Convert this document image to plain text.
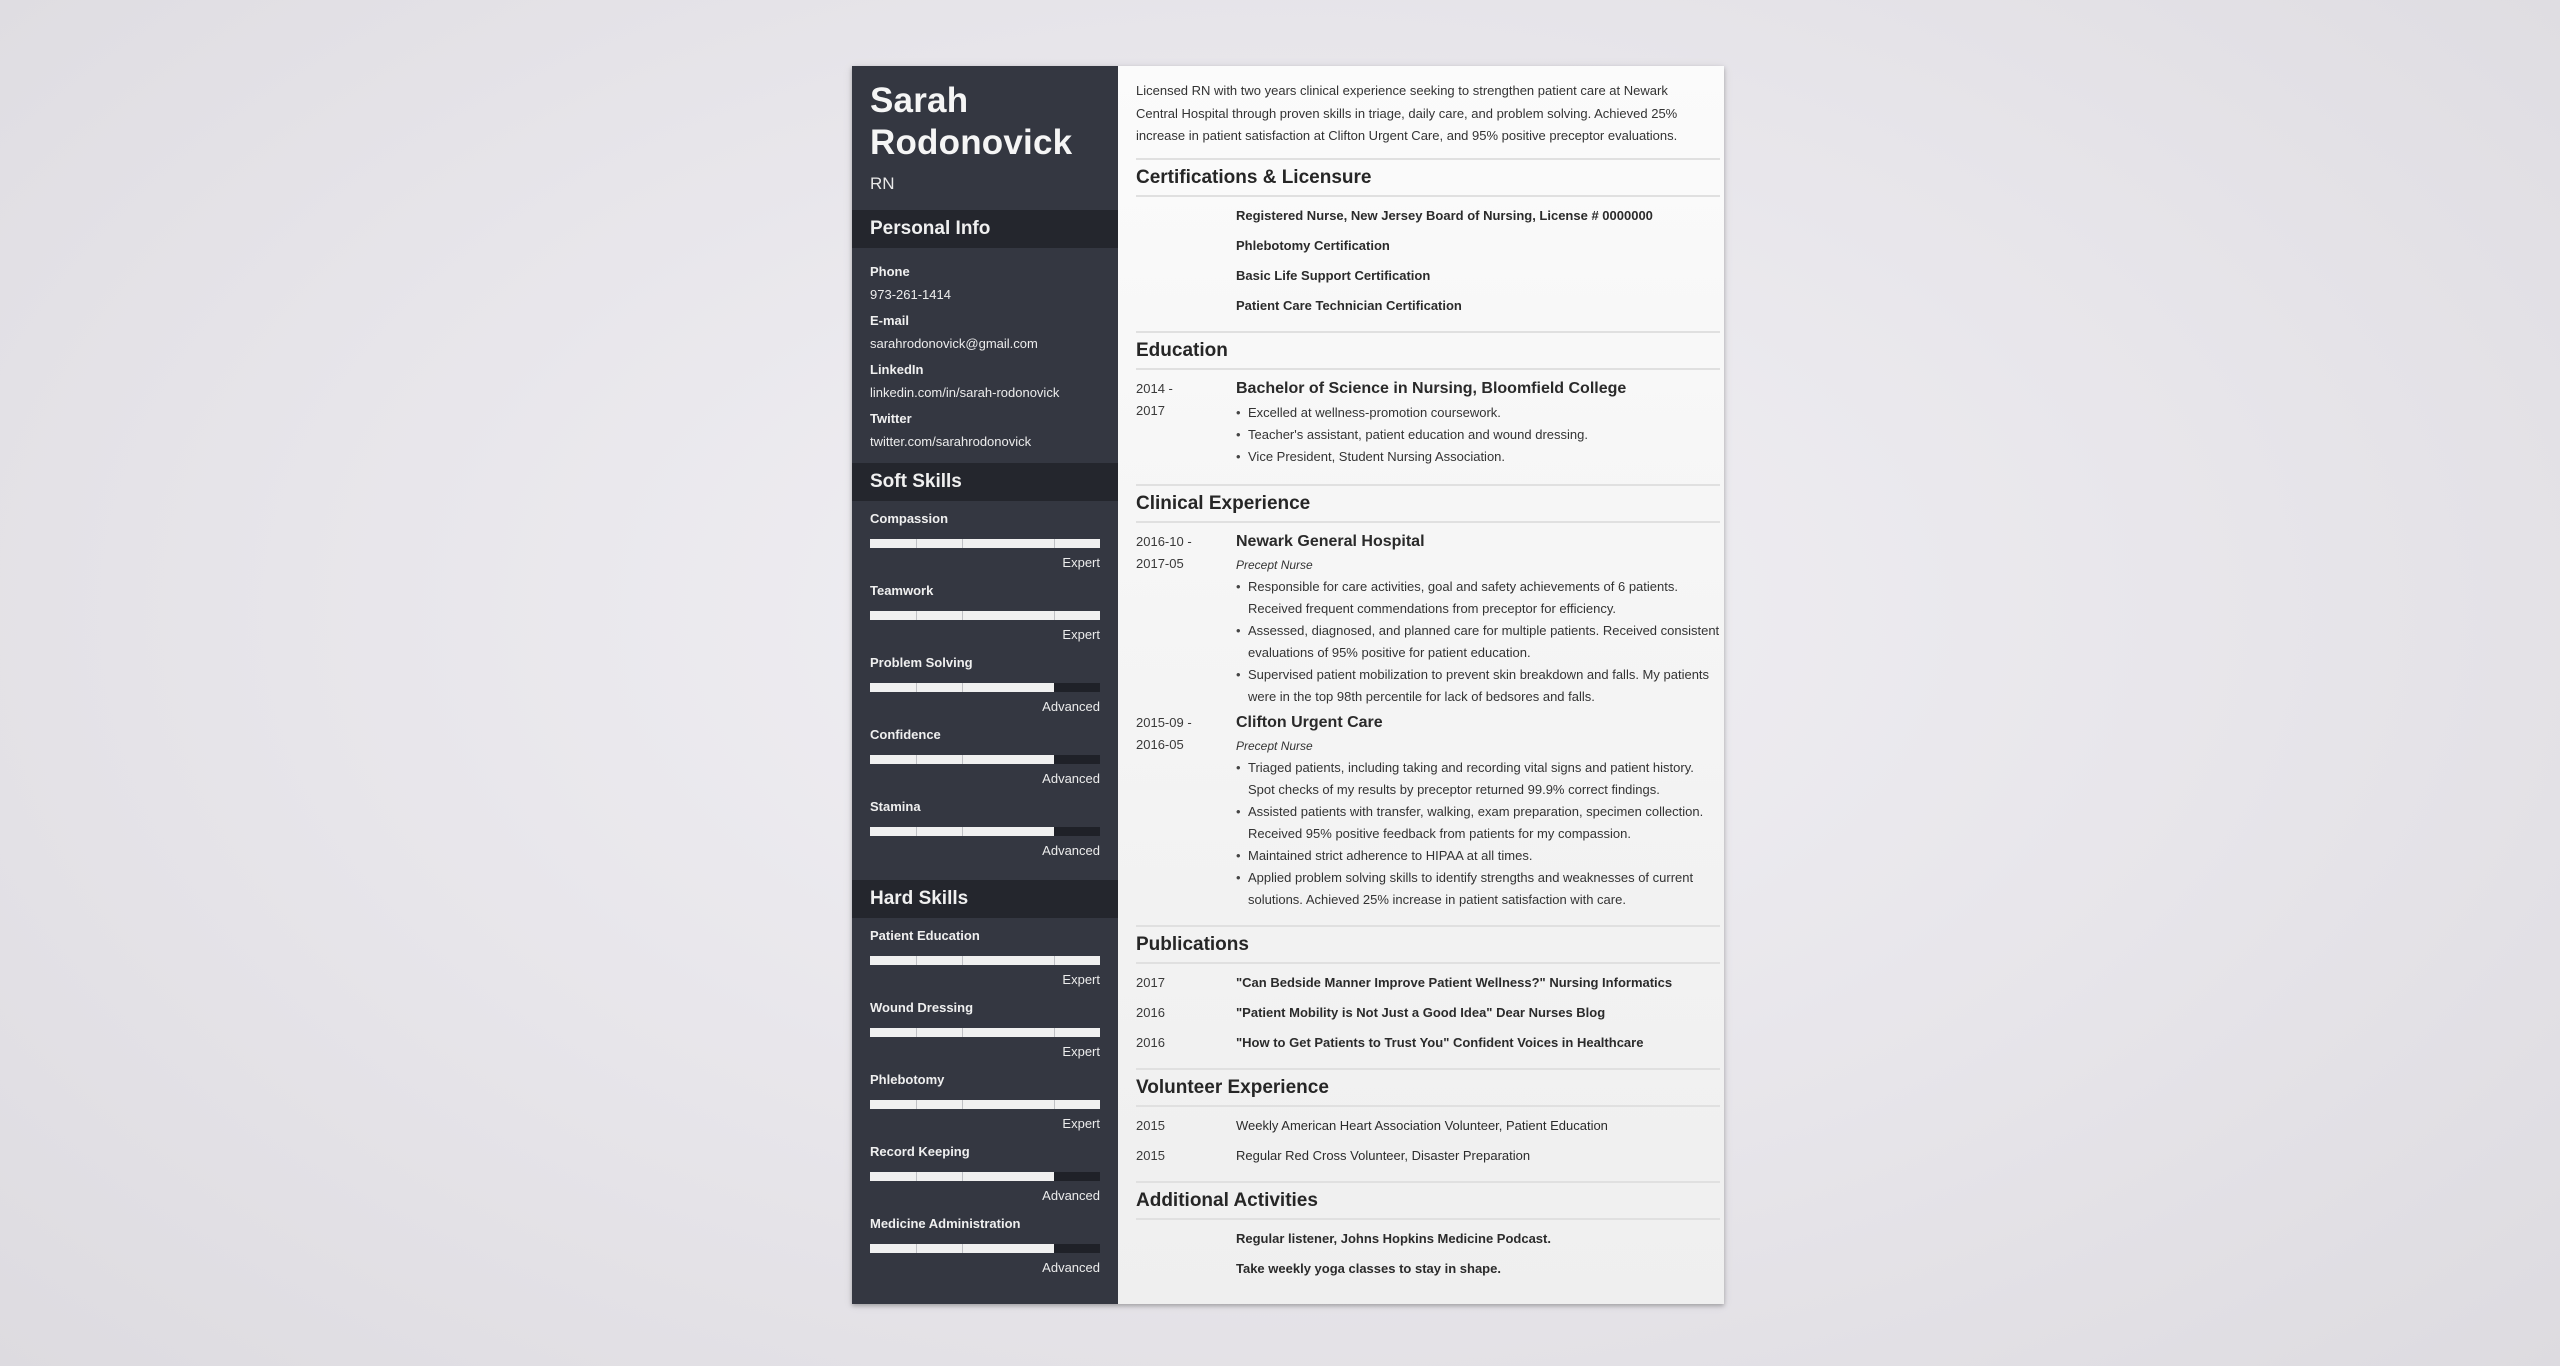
Sarah Rodonovick
RN
Personal Info
Phone
973-261-1414
E-mail
sarahrodonovick@gmail.com
LinkedIn
linkedin.com/in/sarah-rodonovick
Twitter
twitter.com/sarahrodonovick
Soft Skills
Compassion
Expert
Teamwork
Expert
Problem Solving
Advanced
Confidence
Advanced
Stamina
Advanced
Hard Skills
Patient Education
Expert
Wound Dressing
Expert
Phlebotomy
Expert
Record Keeping
Advanced
Medicine Administration
Advanced

Licensed RN with two years clinical experience seeking to strengthen patient care at Newark Central Hospital through proven skills in triage, daily care, and problem solving. Achieved 25% increase in patient satisfaction at Clifton Urgent Care, and 95% positive preceptor evaluations.

Certifications & Licensure
Registered Nurse, New Jersey Board of Nursing, License # 0000000
Phlebotomy Certification
Basic Life Support Certification
Patient Care Technician Certification
Education
2014 -
2017
Bachelor of Science in Nursing, Bloomfield College
• Excelled at wellness-promotion coursework.
• Teacher's assistant, patient education and wound dressing.
• Vice President, Student Nursing Association.
Clinical Experience
2016-10 -
2017-05
Newark General Hospital
Precept Nurse
• Responsible for care activities, goal and safety achievements of 6 patients. Received frequent commendations from preceptor for efficiency.
• Assessed, diagnosed, and planned care for multiple patients. Received consistent evaluations of 95% positive for patient education.
• Supervised patient mobilization to prevent skin breakdown and falls. My patients were in the top 98th percentile for lack of bedsores and falls.
2015-09 -
2016-05
Clifton Urgent Care
Precept Nurse
• Triaged patients, including taking and recording vital signs and patient history. Spot checks of my results by preceptor returned 99.9% correct findings.
• Assisted patients with transfer, walking, exam preparation, specimen collection. Received 95% positive feedback from patients for my compassion.
• Maintained strict adherence to HIPAA at all times.
• Applied problem solving skills to identify strengths and weaknesses of current solutions. Achieved 25% increase in patient satisfaction with care.
Publications
2017	"Can Bedside Manner Improve Patient Wellness?" Nursing Informatics
2016	"Patient Mobility is Not Just a Good Idea" Dear Nurses Blog
2016	"How to Get Patients to Trust You" Confident Voices in Healthcare
Volunteer Experience
2015	Weekly American Heart Association Volunteer, Patient Education
2015	Regular Red Cross Volunteer, Disaster Preparation
Additional Activities
Regular listener, Johns Hopkins Medicine Podcast.
Take weekly yoga classes to stay in shape.
